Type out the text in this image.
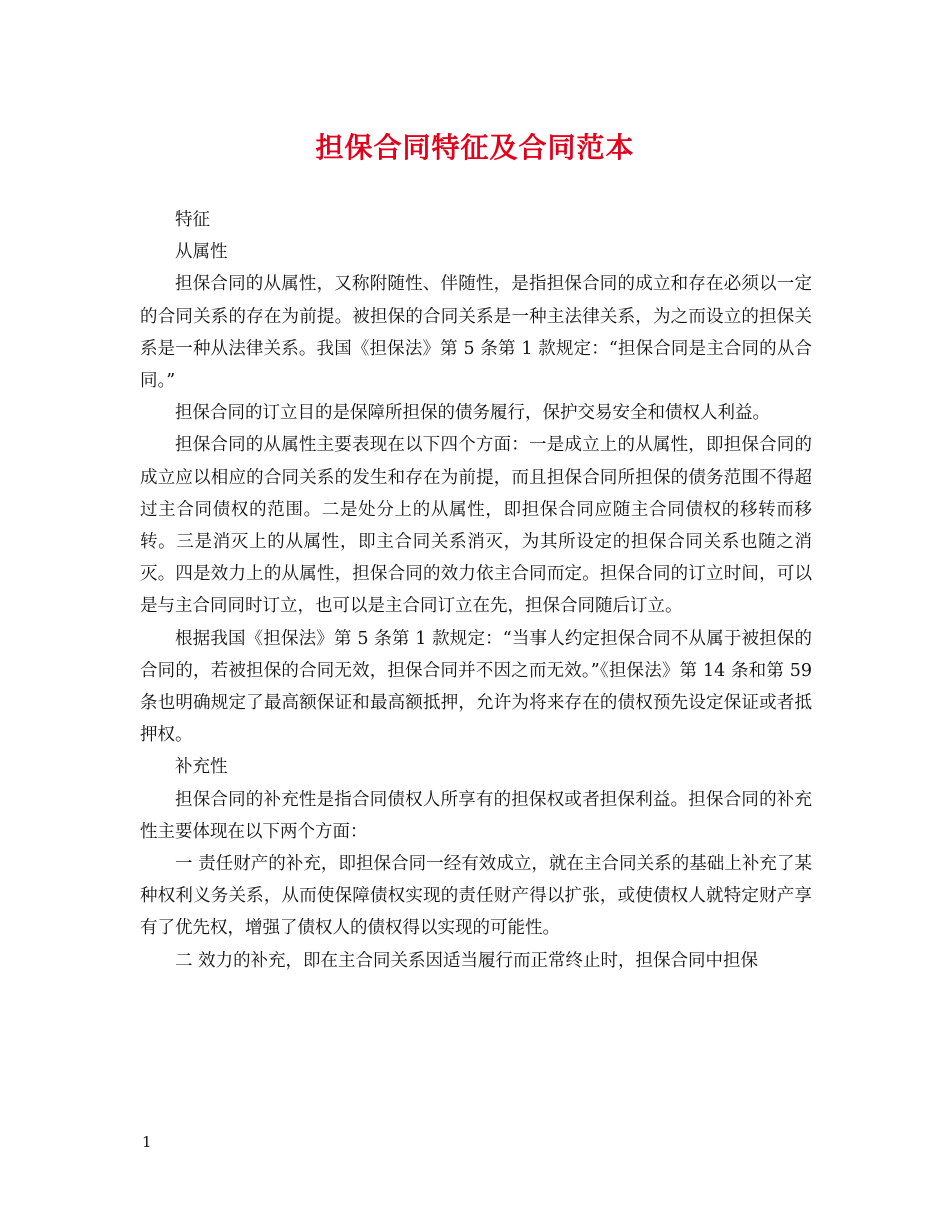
担保合同特征及合同范本

特征

从属性

担保合同的从属性，又称附随性、伴随性，是指担保合同的成立和存在必须以一定的合同关系的存在为前提。被担保的合同关系是一种主法律关系，为之而设立的担保关系是一种从法律关系。我国《担保法》第 5 条第 1 款规定：“担保合同是主合同的从合同。”

担保合同的订立目的是保障所担保的债务履行，保护交易安全和债权人利益。

担保合同的从属性主要表现在以下四个方面：一是成立上的从属性，即担保合同的成立应以相应的合同关系的发生和存在为前提，而且担保合同所担保的债务范围不得超过主合同债权的范围。二是处分上的从属性，即担保合同应随主合同债权的移转而移转。三是消灭上的从属性，即主合同关系消灭，为其所设定的担保合同关系也随之消灭。四是效力上的从属性，担保合同的效力依主合同而定。担保合同的订立时间，可以是与主合同同时订立，也可以是主合同订立在先，担保合同随后订立。

根据我国《担保法》第 5 条第 1 款规定：“当事人约定担保合同不从属于被担保的合同的，若被担保的合同无效，担保合同并不因之而无效。”《担保法》第 14 条和第 59 条也明确规定了最高额保证和最高额抵押，允许为将来存在的债权预先设定保证或者抵押权。

补充性

担保合同的补充性是指合同债权人所享有的担保权或者担保利益。担保合同的补充性主要体现在以下两个方面：

一 责任财产的补充，即担保合同一经有效成立，就在主合同关系的基础上补充了某种权利义务关系，从而使保障债权实现的责任财产得以扩张，或使债权人就特定财产享有了优先权，增强了债权人的债权得以实现的可能性。

二 效力的补充，即在主合同关系因适当履行而正常终止时，担保合同中担保

1
